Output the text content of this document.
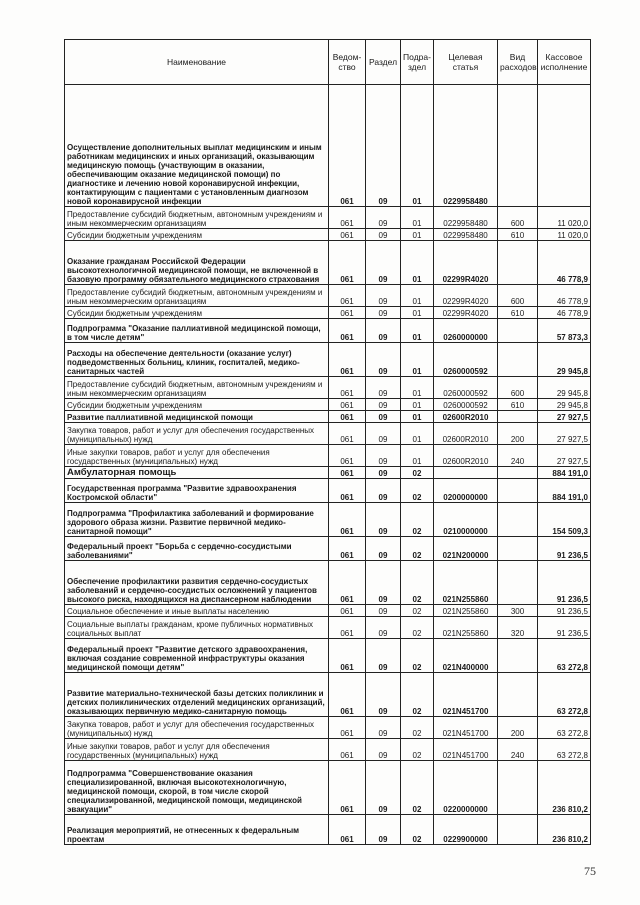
Наименование	Ведом-ство	Раздел	Подра-здел	Целевая статья	Вид расходов	Кассовое исполнение
Осуществление дополнительных выплат медицинским и иным работникам медицинских и иных организаций, оказывающим медицинскую помощь (участвующим в оказании, обеспечивающим оказание медицинской помощи) по диагностике и лечению новой коронавирусной инфекции, контактирующим с пациентами с установленным диагнозом новой коронавирусной инфекции	061	09	01	0229958480		
Предоставление субсидий бюджетным, автономным учреждениям и иным некоммерческим организациям	061	09	01	0229958480	600	11 020,0
Субсидии бюджетным учреждениям	061	09	01	0229958480	610	11 020,0
Оказание гражданам Российской Федерации высокотехнологичной медицинской помощи, не включенной в базовую программу обязательного медицинского страхования	061	09	01	02299R4020		46 778,9
Предоставление субсидий бюджетным, автономным учреждениям и иным некоммерческим организациям	061	09	01	02299R4020	600	46 778,9
Субсидии бюджетным учреждениям	061	09	01	02299R4020	610	46 778,9
Подпрограмма "Оказание паллиативной медицинской помощи, в том числе детям"	061	09	01	0260000000		57 873,3
Расходы на обеспечение деятельности (оказание услуг) подведомственных больниц, клиник, госпиталей, медико-санитарных частей	061	09	01	0260000592		29 945,8
Предоставление субсидий бюджетным, автономным учреждениям и иным некоммерческим организациям	061	09	01	0260000592	600	29 945,8
Субсидии бюджетным учреждениям	061	09	01	0260000592	610	29 945,8
Развитие паллиативной медицинской помощи	061	09	01	02600R2010		27 927,5
Закупка товаров, работ и услуг для обеспечения государственных (муниципальных) нужд	061	09	01	02600R2010	200	27 927,5
Иные закупки товаров, работ и услуг для обеспечения государственных (муниципальных) нужд	061	09	01	02600R2010	240	27 927,5
Амбулаторная помощь	061	09	02			884 191,0
Государственная программа "Развитие здравоохранения Костромской области"	061	09	02	0200000000		884 191,0
Подпрограмма "Профилактика заболеваний и формирование здорового образа жизни. Развитие первичной медико-санитарной помощи"	061	09	02	0210000000		154 509,3
Федеральный проект "Борьба с сердечно-сосудистыми заболеваниями"	061	09	02	021N200000		91 236,5
Обеспечение профилактики развития сердечно-сосудистых заболеваний и сердечно-сосудистых осложнений у пациентов высокого риска, находящихся на диспансерном наблюдении	061	09	02	021N255860		91 236,5
Социальное обеспечение и иные выплаты населению	061	09	02	021N255860	300	91 236,5
Социальные выплаты гражданам, кроме публичных нормативных социальных выплат	061	09	02	021N255860	320	91 236,5
Федеральный проект "Развитие детского здравоохранения, включая создание современной инфраструктуры оказания медицинской помощи детям"	061	09	02	021N400000		63 272,8
Развитие материально-технической базы детских поликлиник и детских поликлинических отделений медицинских организаций, оказывающих первичную медико-санитарную помощь	061	09	02	021N451700		63 272,8
Закупка товаров, работ и услуг для обеспечения государственных (муниципальных) нужд	061	09	02	021N451700	200	63 272,8
Иные закупки товаров, работ и услуг для обеспечения государственных (муниципальных) нужд	061	09	02	021N451700	240	63 272,8
Подпрограмма "Совершенствование оказания специализированной, включая высокотехнологичную, медицинской помощи, скорой, в том числе скорой специализированной, медицинской помощи, медицинской эвакуации"	061	09	02	0220000000		236 810,2
Реализация мероприятий, не отнесенных к федеральным проектам	061	09	02	0229900000		236 810,2
75
